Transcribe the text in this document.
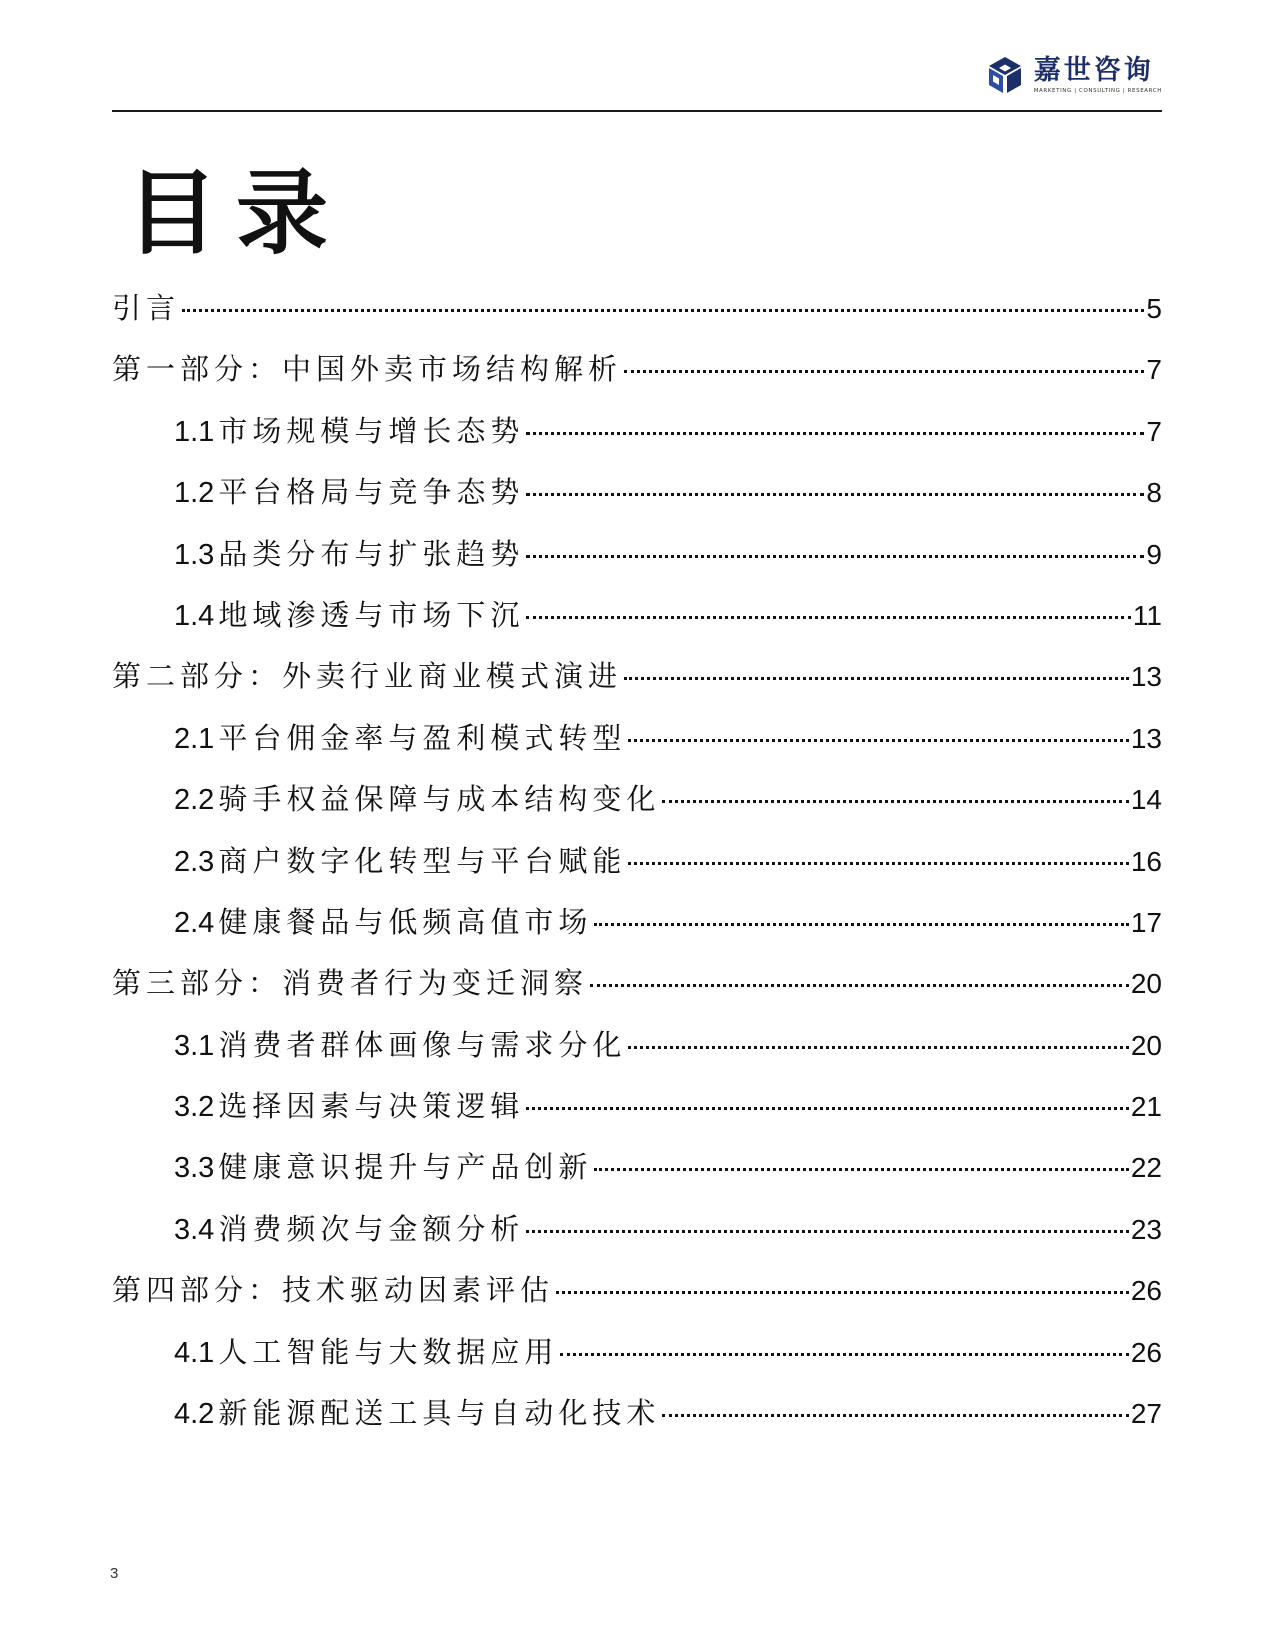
嘉世咨询
MARKETING | CONSULTING | RESEARCH
目录
引言	5
第一部分：中国外卖市场结构解析	7
1.1 市场规模与增长态势	7
1.2 平台格局与竞争态势	8
1.3 品类分布与扩张趋势	9
1.4 地域渗透与市场下沉	11
第二部分：外卖行业商业模式演进	13
2.1 平台佣金率与盈利模式转型	13
2.2 骑手权益保障与成本结构变化	14
2.3 商户数字化转型与平台赋能	16
2.4 健康餐品与低频高值市场	17
第三部分：消费者行为变迁洞察	20
3.1 消费者群体画像与需求分化	20
3.2 选择因素与决策逻辑	21
3.3 健康意识提升与产品创新	22
3.4 消费频次与金额分析	23
第四部分：技术驱动因素评估	26
4.1 人工智能与大数据应用	26
4.2 新能源配送工具与自动化技术	27
3
